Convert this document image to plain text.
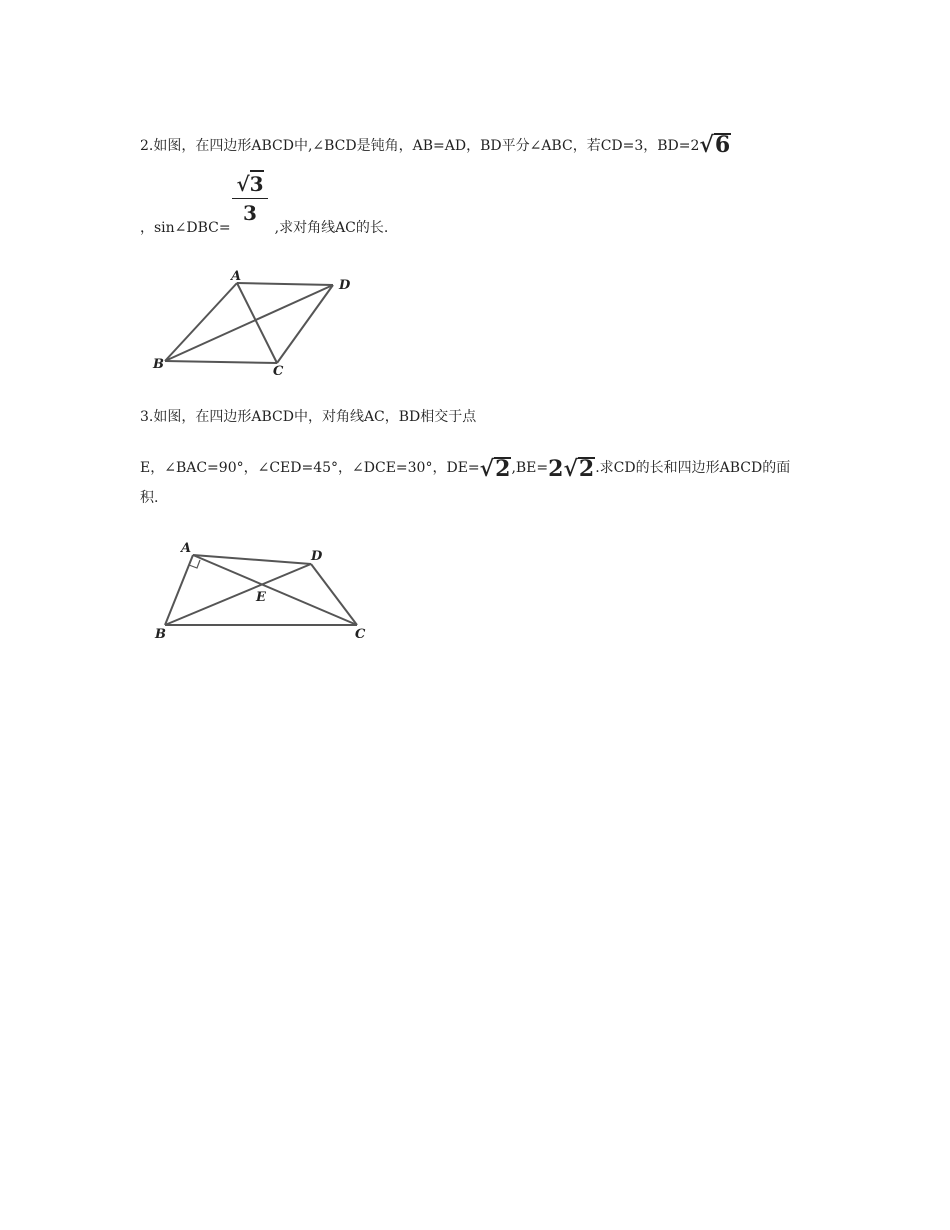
2.如图，在四边形ABCD中,∠BCD是钝角，AB=AD，BD平分∠ABC，若CD=3，BD=2√6
√3
3
，sin∠DBC=	,求对角线AC的长.
A
D
B	C
3.如图，在四边形ABCD中，对角线AC，BD相交于点
E，∠BAC=90°，∠CED=45°，∠DCE=30°，DE=√2,BE=2√2.求CD的长和四边形ABCD的面
积.
A
D
E
B	C
